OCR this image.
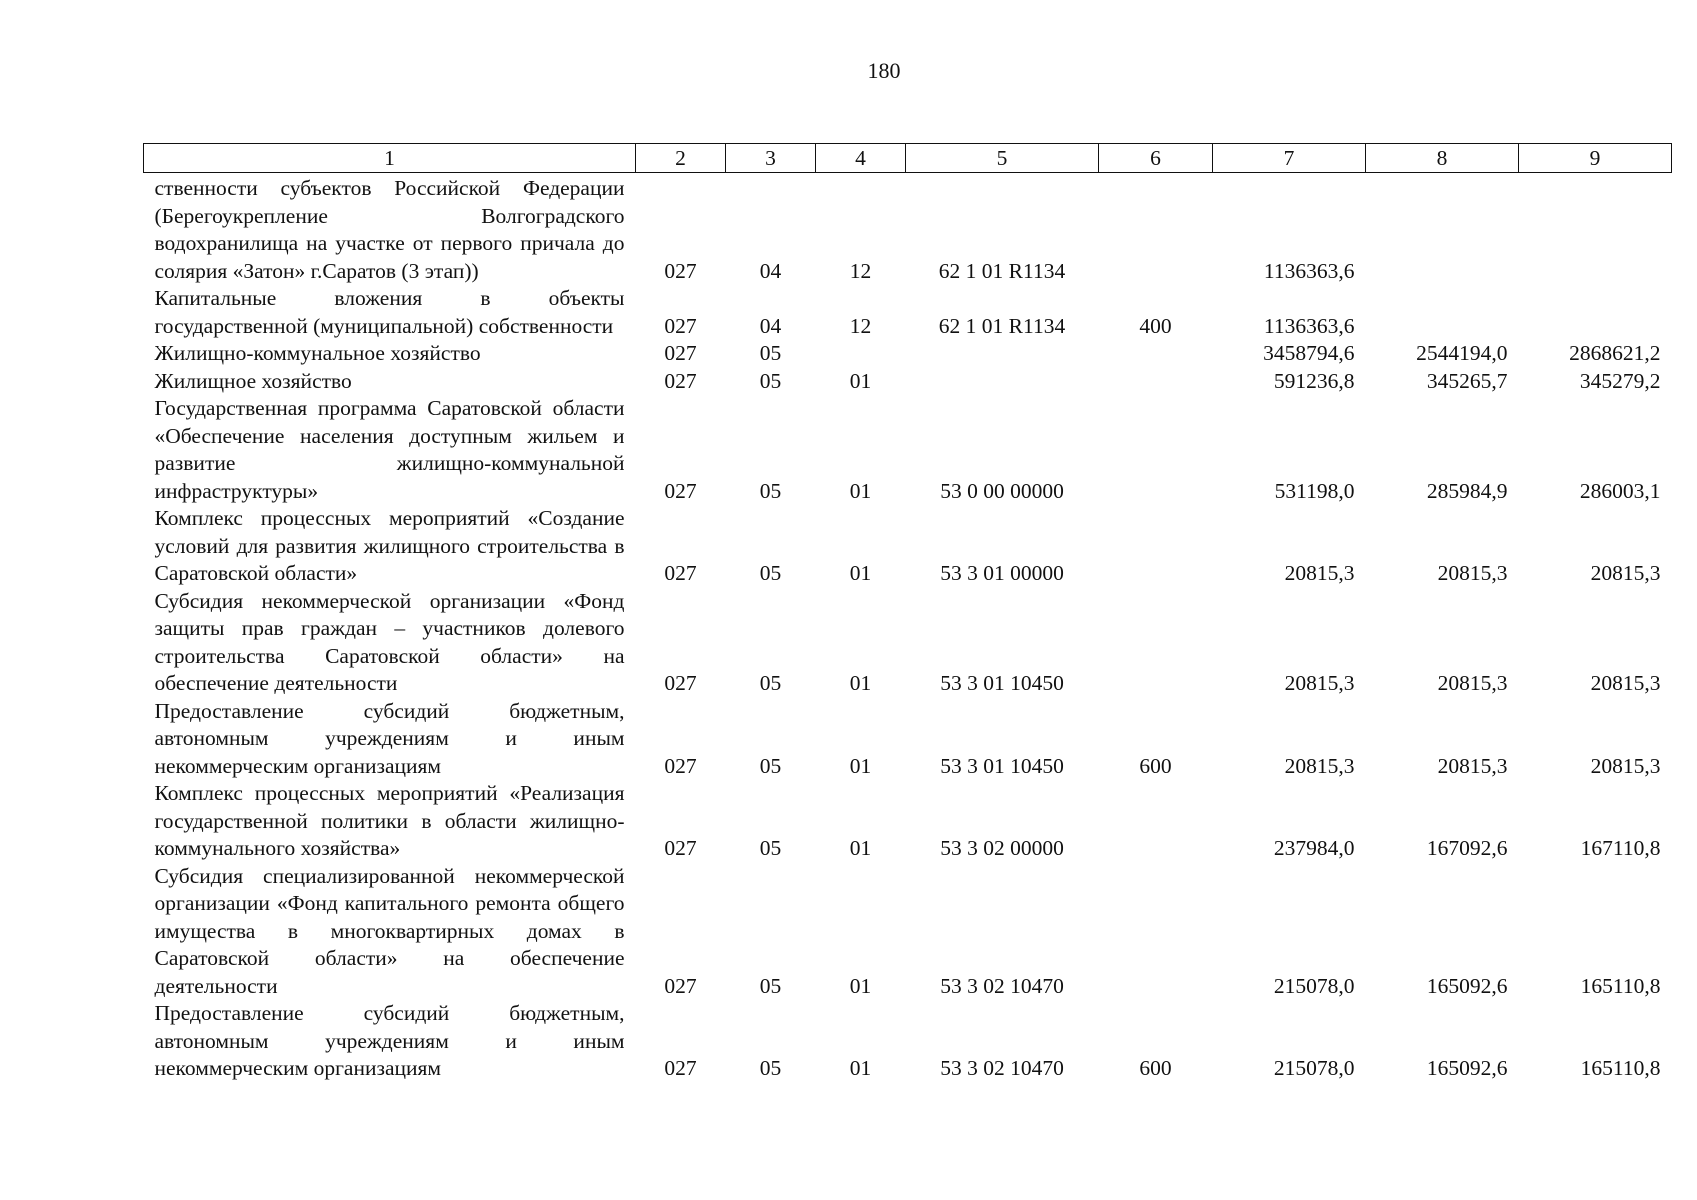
180
1	2	3	4	5	6	7	8	9
ственности субъектов Российской Федерации (Берегоукрепление Волгоградского водохранилища на участке от первого причала до солярия «Затон» г.Саратов (3 этап))	027	04	12	62 1 01 R1134		1136363,6		
Капитальные вложения в объекты государственной (муниципальной) собственности	027	04	12	62 1 01 R1134	400	1136363,6		
Жилищно-коммунальное хозяйство	027	05				3458794,6	2544194,0	2868621,2
Жилищное хозяйство	027	05	01			591236,8	345265,7	345279,2
Государственная программа Саратовской области «Обеспечение населения доступным жильем и развитие жилищно-коммунальной инфраструктуры»	027	05	01	53 0 00 00000		531198,0	285984,9	286003,1
Комплекс процессных мероприятий «Создание условий для развития жилищного строительства в Саратовской области»	027	05	01	53 3 01 00000		20815,3	20815,3	20815,3
Субсидия некоммерческой организации «Фонд защиты прав граждан – участников долевого строительства Саратовской области» на обеспечение деятельности	027	05	01	53 3 01 10450		20815,3	20815,3	20815,3
Предоставление субсидий бюджетным, автономным учреждениям и иным некоммерческим организациям	027	05	01	53 3 01 10450	600	20815,3	20815,3	20815,3
Комплекс процессных мероприятий «Реализация государственной политики в области жилищно-коммунального хозяйства»	027	05	01	53 3 02 00000		237984,0	167092,6	167110,8
Субсидия специализированной некоммерческой организации «Фонд капитального ремонта общего имущества в многоквартирных домах в Саратовской области» на обеспечение деятельности	027	05	01	53 3 02 10470		215078,0	165092,6	165110,8
Предоставление субсидий бюджетным, автономным учреждениям и иным некоммерческим организациям	027	05	01	53 3 02 10470	600	215078,0	165092,6	165110,8
